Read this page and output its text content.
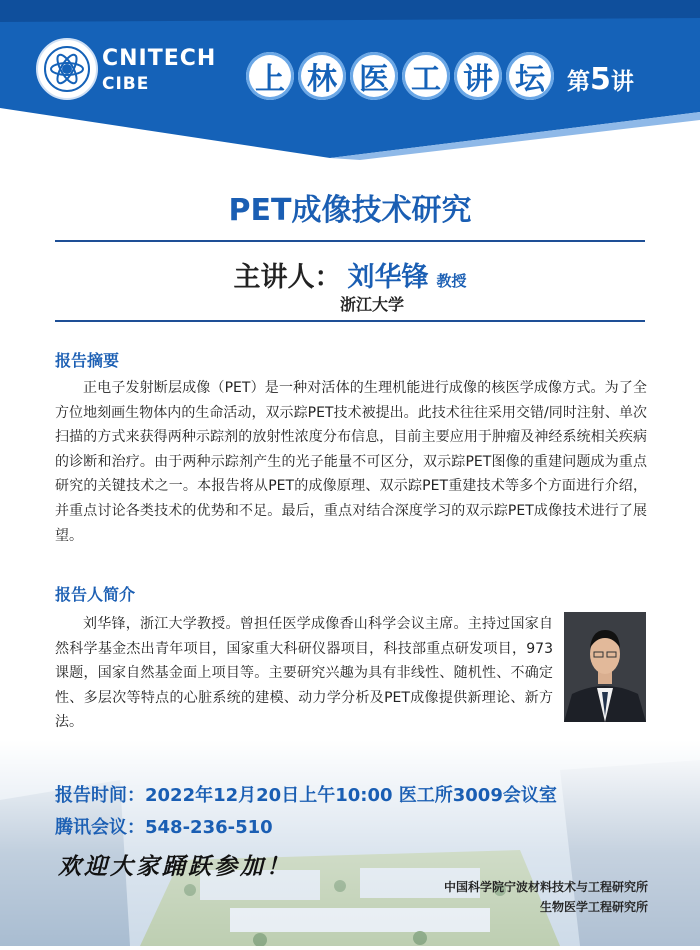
CNITECH
CIBE	上 林 医 工 讲 坛 第5讲
PET成像技术研究
主讲人： 刘华锋 教授
浙江大学
报告摘要
正电子发射断层成像（PET）是一种对活体的生理机能进行成像的核医学成像方式。为了全方位地刻画生物体内的生命活动，双示踪PET技术被提出。此技术往往采用交错/同时注射、单次扫描的方式来获得两种示踪剂的放射性浓度分布信息，目前主要应用于肿瘤及神经系统相关疾病的诊断和治疗。由于两种示踪剂产生的光子能量不可区分，双示踪PET图像的重建问题成为重点研究的关键技术之一。本报告将从PET的成像原理、双示踪PET重建技术等多个方面进行介绍，并重点讨论各类技术的优势和不足。最后，重点对结合深度学习的双示踪PET成像技术进行了展望。
报告人简介
刘华锋，浙江大学教授。曾担任医学成像香山科学会议主席。主持过国家自然科学基金杰出青年项目，国家重大科研仪器项目，科技部重点研发项目，973课题，国家自然基金面上项目等。主要研究兴趣为具有非线性、随机性、不确定性、多层次等特点的心脏系统的建模、动力学分析及PET成像提供新理论、新方法。
报告时间：2022年12月20日上午10:00 医工所3009会议室
腾讯会议：548-236-510
欢迎大家踊跃参加！
中国科学院宁波材料技术与工程研究所
生物医学工程研究所
